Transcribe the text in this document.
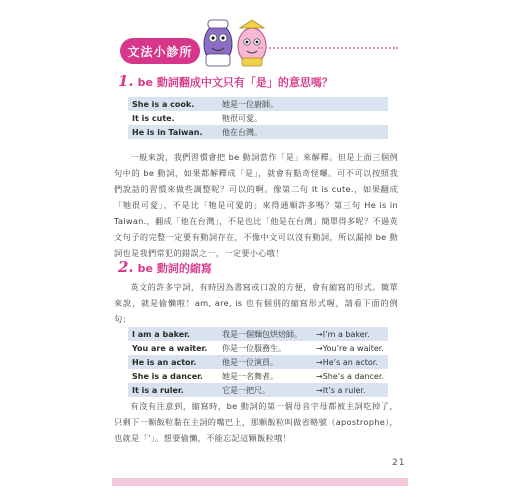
文法小診所
1. be 動詞翻成中文只有「是」的意思嗎？
She is a cook.	她是一位廚師。
It is cute.	牠很可愛。
He is in Taiwan.	他在台灣。

一般來說，我們習慣會把 be 動詞當作「是」來解釋。但是上面三個例句中的 be 動詞，如果都解釋成「是」，就會有點奇怪囉。可不可以按照我們說話的習慣來做些調整呢？可以的啊。像第二句 It is cute.，如果翻成「牠很可愛」，不是比「牠是可愛的」來得通順許多嗎？第三句 He is in Taiwan.，翻成「他在台灣」，不是也比「他是在台灣」簡單得多呢？不過英文句子的完整一定要有動詞存在，不像中文可以沒有動詞，所以漏掉 be 動詞也是我們常犯的錯誤之一，一定要小心哦！

2. be 動詞的縮寫

英文的許多字詞，有時因為書寫或口說的方便，會有縮寫的形式。簡單來說，就是偷懶啦！am, are, is 也有個別的縮寫形式喔，請看下面的例句：

I am a baker.	我是一個麵包烘焙師。	→I’m a baker.
You are a waiter.	你是一位服務生。	→You’re a waiter.
He is an actor.	他是一位演員。	→He’s an actor.
She is a dancer.	她是一名舞者。	→She’s a dancer.
It is a ruler.	它是一把尺。	→It’s a ruler.

有沒有注意到，縮寫時，be 動詞的第一個母音字母都被主詞吃掉了，只剩下一顆飯粒黏在主詞的嘴巴上，那顆飯粒叫做省略號（apostrophe），也就是「’」。想要偷懶，不能忘記這顆飯粒哦！

21
